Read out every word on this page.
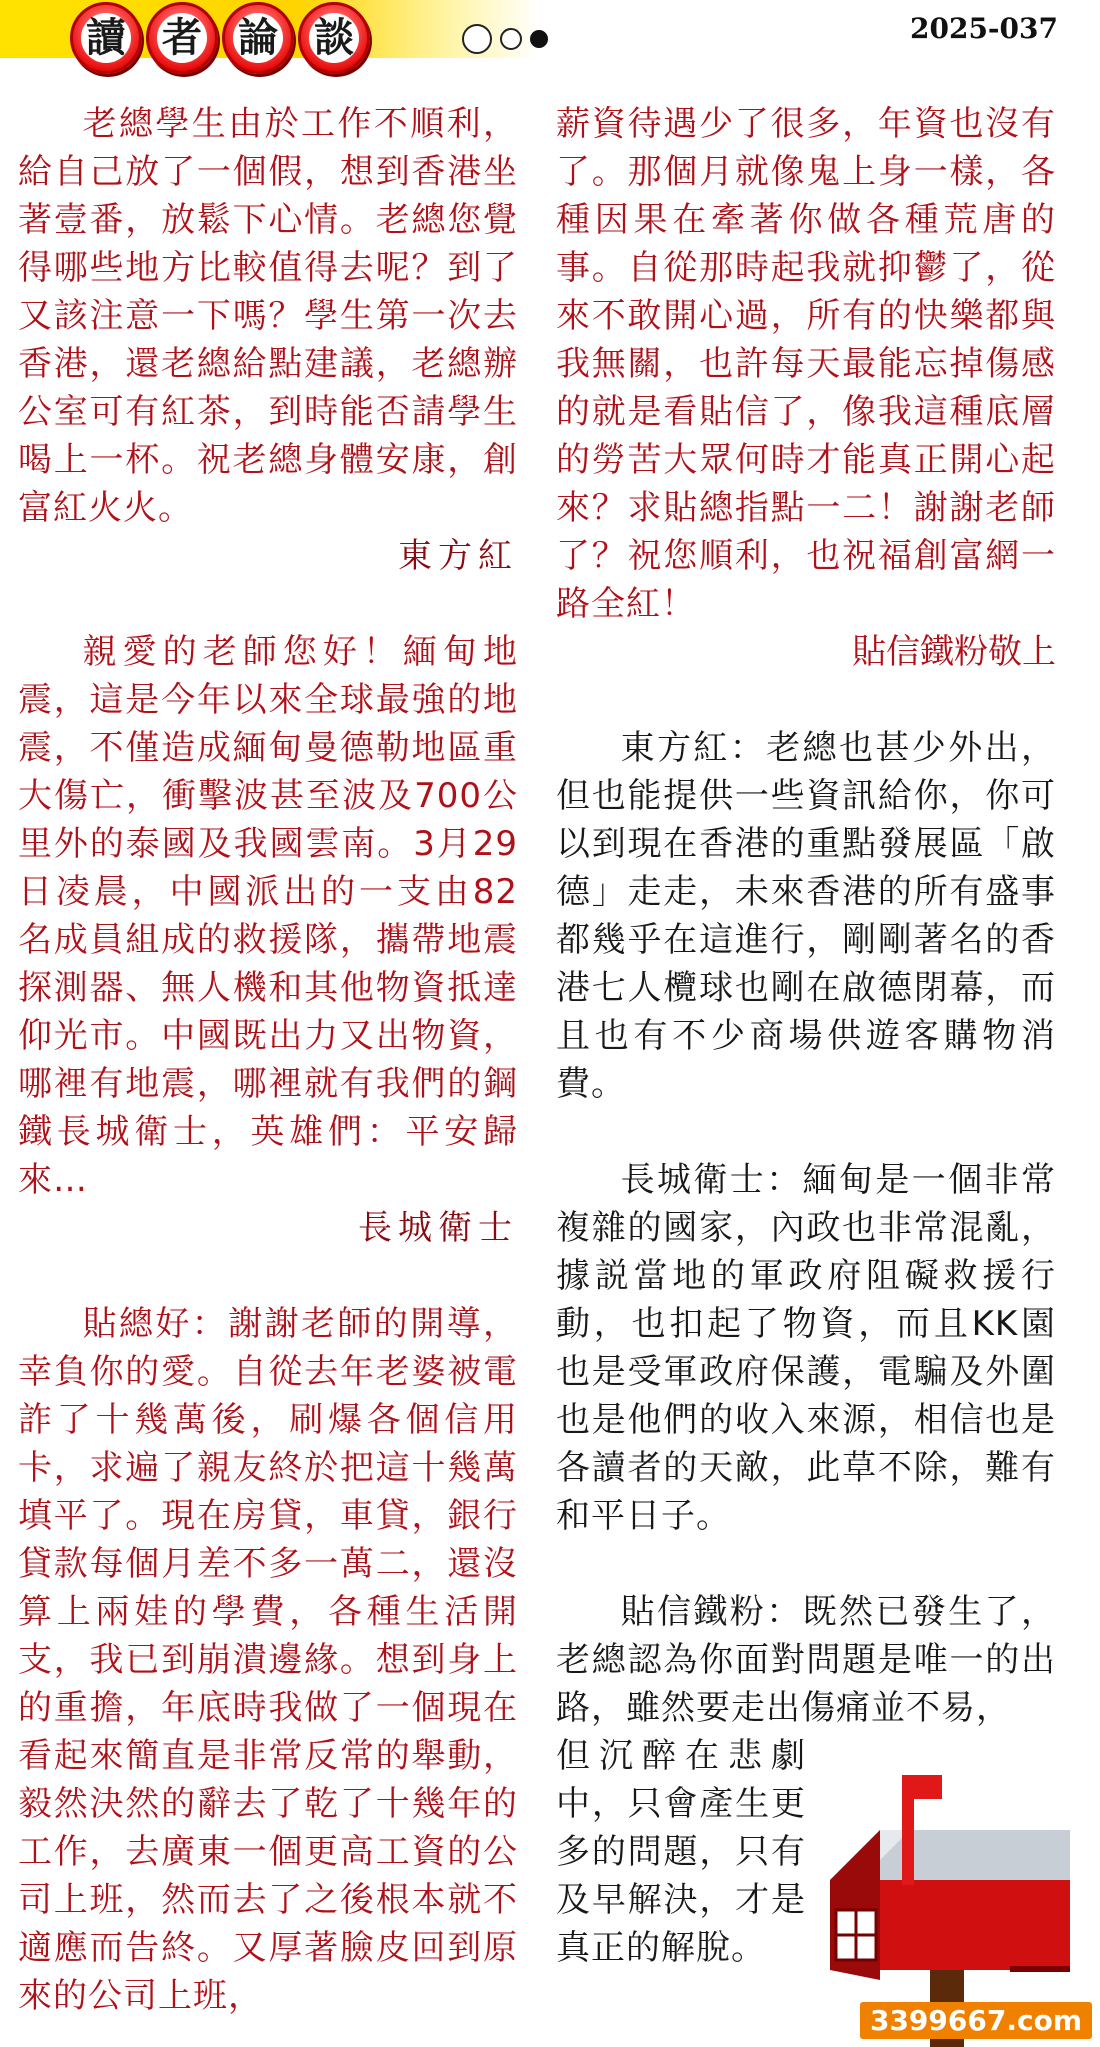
讀 者 論 談	2025-037

老總學生由於工作不順利，給自己放了一個假，想到香港坐著壹番，放鬆下心情。老總您覺得哪些地方比較值得去呢？到了又該注意一下嗎？學生第一次去香港，還老總給點建議，老總辦公室可有紅茶，到時能否請學生喝上一杯。祝老總身體安康，創富紅火火。

東方紅

親愛的老師您好！緬甸地震，這是今年以來全球最強的地震，不僅造成緬甸曼德勒地區重大傷亡，衝擊波甚至波及700公里外的泰國及我國雲南。3月29日凌晨，中國派出的一支由82名成員組成的救援隊，攜帶地震探測器、無人機和其他物資抵達仰光市。中國既出力又出物資，哪裡有地震，哪裡就有我們的鋼鐵長城衛士，英雄們：平安歸來…

長城衛士

貼總好：謝謝老師的開導，幸負你的愛。自從去年老婆被電詐了十幾萬後，刷爆各個信用卡，求遍了親友終於把這十幾萬填平了。現在房貸，車貸，銀行貸款每個月差不多一萬二，還沒算上兩娃的學費，各種生活開支，我已到崩潰邊緣。想到身上的重擔，年底時我做了一個現在看起來簡直是非常反常的舉動，毅然決然的辭去了乾了十幾年的工作，去廣東一個更高工資的公司上班，然而去了之後根本就不適應而告終。又厚著臉皮回到原來的公司上班，

薪資待遇少了很多，年資也沒有了。那個月就像鬼上身一樣，各種因果在牽著你做各種荒唐的事。自從那時起我就抑鬱了，從來不敢開心過，所有的快樂都與我無關，也許每天最能忘掉傷感的就是看貼信了，像我這種底層的勞苦大眾何時才能真正開心起來？求貼總指點一二！謝謝老師了？祝您順利，也祝福創富網一路全紅！

貼信鐵粉敬上

東方紅：老總也甚少外出，但也能提供一些資訊給你，你可以到現在香港的重點發展區「啟德」走走，未來香港的所有盛事都幾乎在這進行，剛剛著名的香港七人欖球也剛在啟德閉幕，而且也有不少商場供遊客購物消費。

長城衛士：緬甸是一個非常複雜的國家，內政也非常混亂，據説當地的軍政府阻礙救援行動，也扣起了物資，而且KK園也是受軍政府保護，電騙及外圍也是他們的收入來源，相信也是各讀者的天敵，此草不除，難有和平日子。

貼信鐵粉：既然已發生了，老總認為你面對問題是唯一的出路，雖然要走出傷痛並不易，

但沉醉在悲劇中，只會產生更多的問題，只有及早解決，才是真正的解脫。

3399667.com
